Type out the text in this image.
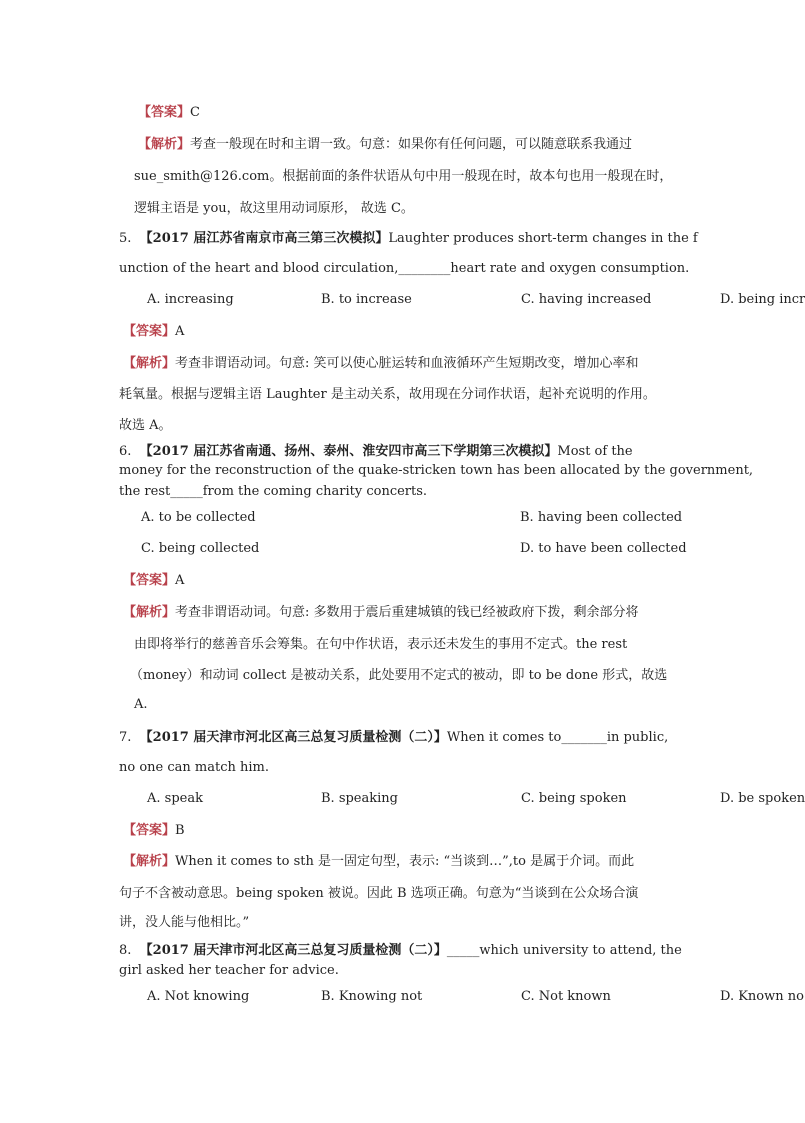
【答案】C
【解析】考查一般现在时和主谓一致。句意：如果你有任何问题，可以随意联系我通过
sue_smith@126.com。根据前面的条件状语从句中用一般现在时，故本句也用一般现在时，
逻辑主语是 you，故这里用动词原形， 故选 C。
5. 【2017 届江苏省南京市高三第三次模拟】Laughter produces short-term changes in the f
unction of the heart and blood circulation,________heart rate and oxygen consumption.
A. increasing	B. to increase	C. having increased	D. being incr
【答案】A
【解析】考查非谓语动词。句意: 笑可以使心脏运转和血液循环产生短期改变，增加心率和
耗氧量。根据与逻辑主语 Laughter 是主动关系，故用现在分词作状语，起补充说明的作用。
故选 A。
6. 【2017 届江苏省南通、扬州、泰州、淮安四市高三下学期第三次模拟】Most of the
money for the reconstruction of the quake-stricken town has been allocated by the government,
the rest_____from the coming charity concerts.
A. to be collected	B. having been collected
C. being collected	D. to have been collected
【答案】A
【解析】考查非谓语动词。句意: 多数用于震后重建城镇的钱已经被政府下拨，剩余部分将
由即将举行的慈善音乐会筹集。在句中作状语，表示还未发生的事用不定式。the rest
（money）和动词 collect 是被动关系，此处要用不定式的被动，即 to be done 形式，故选
A.
7. 【2017 届天津市河北区高三总复习质量检测（二）】When it comes to_______in public,
no one can match him.
A. speak	B. speaking	C. being spoken	D. be spoken
【答案】B
【解析】When it comes to sth 是一固定句型，表示: “当谈到…”,to 是属于介词。而此
句子不含被动意思。being spoken 被说。因此 B 选项正确。句意为“当谈到在公众场合演
讲，没人能与他相比。”
8. 【2017 届天津市河北区高三总复习质量检测（二）】_____which university to attend, the
girl asked her teacher for advice.
A. Not knowing	B. Knowing not	C. Not known	D. Known no
